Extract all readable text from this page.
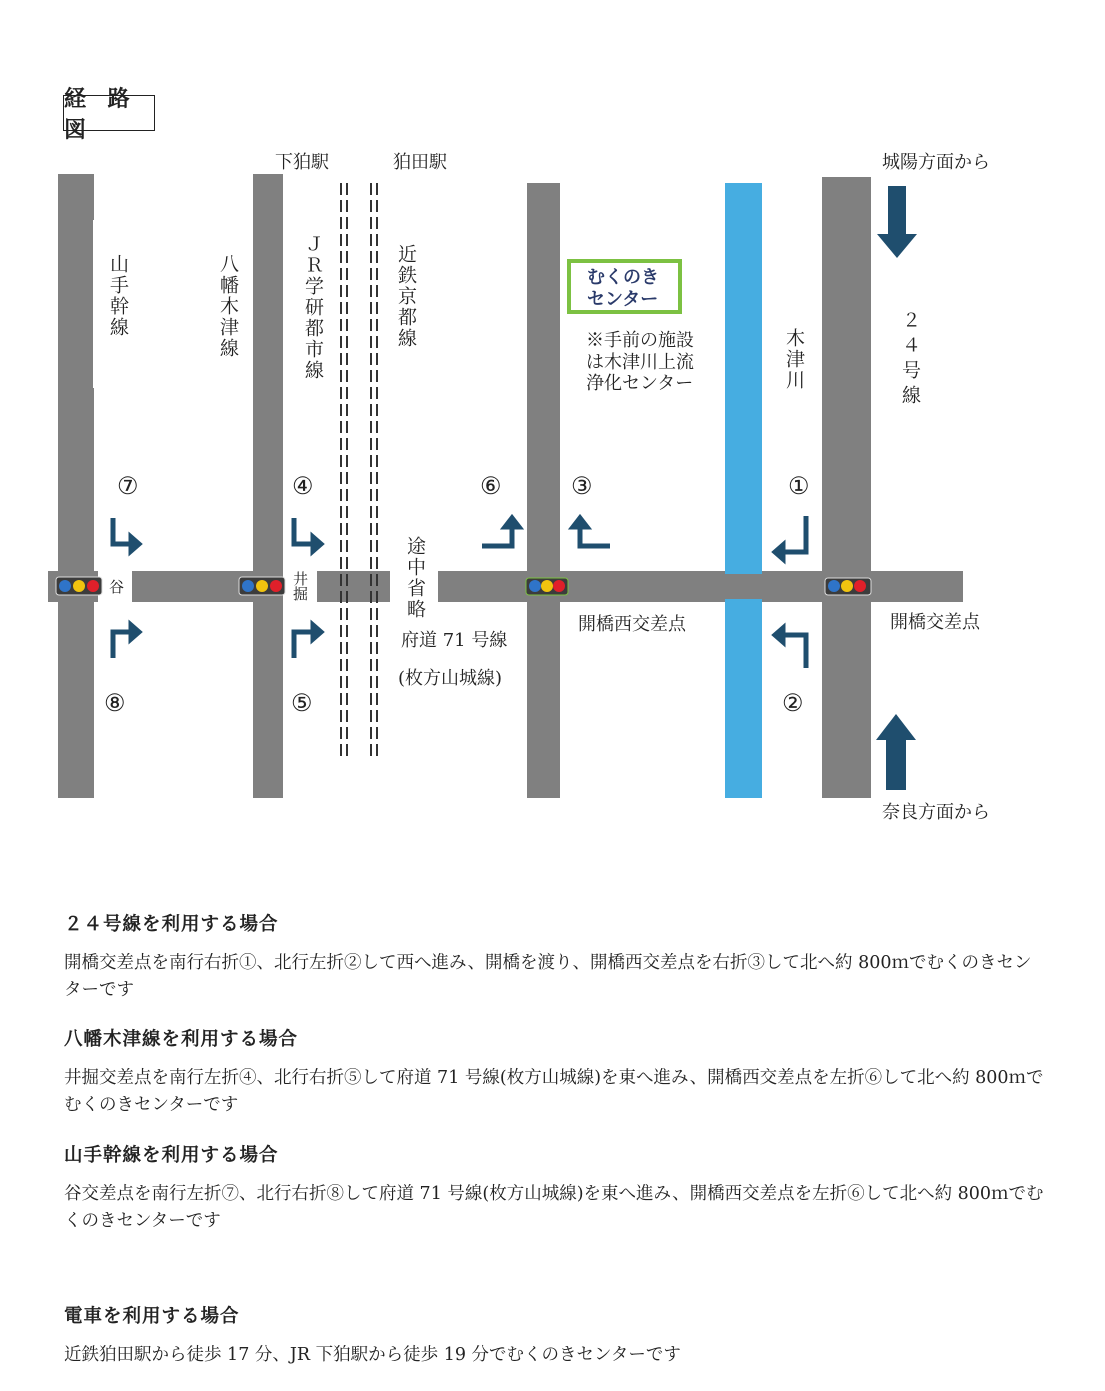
経 路 図
下狛駅	狛田駅	城陽方面から
奈良方面から
山手幹線	八幡木津線	ＪＲ学研都市線	近鉄京都線
木津川	２４号線
途中省略
谷	井掘
開橋西交差点	開橋交差点
府道 71 号線
(枚方山城線)
むくのき
センター
※手前の施設
は木津川上流
浄化センター
⑦	④	⑥	③	①
⑧	⑤	②
２４号線を利用する場合
開橋交差点を南行右折①、北行左折②して西へ進み、開橋を渡り、開橋西交差点を右折③して北へ約 800ｍでむくのきセンターです
八幡木津線を利用する場合
井掘交差点を南行左折④、北行右折⑤して府道 71 号線(枚方山城線)を東へ進み、開橋西交差点を左折⑥して北へ約 800ｍでむくのきセンターです
山手幹線を利用する場合
谷交差点を南行左折⑦、北行右折⑧して府道 71 号線(枚方山城線)を東へ進み、開橋西交差点を左折⑥して北へ約 800ｍでむくのきセンターです
電車を利用する場合
近鉄狛田駅から徒歩 17 分、JR 下狛駅から徒歩 19 分でむくのきセンターです
